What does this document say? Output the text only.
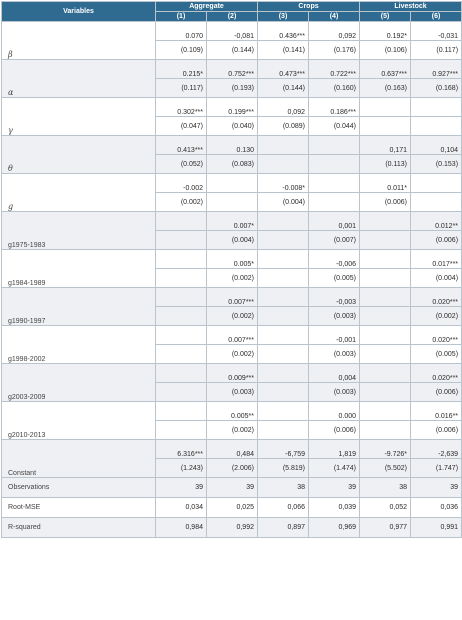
Variables	Aggregate		Crops		Livestock	
	(1)	(2)	(3)	(4)	(5)	(6)
β	0.070	-0,081	0.436***	0,092	0.192*	-0,031
	(0.109)	(0.144)	(0.141)	(0.176)	(0.106)	(0.117)
α	0.215*	0.752***	0.473***	0.722***	0.637***	0.927***
	(0.117)	(0.193)	(0.144)	(0.160)	(0.163)	(0.168)
γ	0.302***	0.199***	0,092	0.186***		
	(0.047)	(0.040)	(0.089)	(0.044)		
θ	0.413***	0.130			0,171	0,104
	(0.052)	(0.083)			(0.113)	(0.153)
g	-0.002		-0.008*		0.011*	
	(0.002)		(0.004)		(0.006)	
g1975-1983		0.007*		0,001		0.012**
		(0.004)		(0.007)		(0.006)
g1984-1989		0.005*		-0,006		0.017***
		(0.002)		(0.005)		(0.004)
g1990-1997		0.007***		-0,003		0.020***
		(0.002)		(0.003)		(0.002)
g1998-2002		0.007***		-0,001		0.020***
		(0.002)		(0.003)		(0.005)
g2003-2009		0.009***		0,004		0.020***
		(0.003)		(0.003)		(0.006)
g2010-2013		0.005**		0.000		0.016**
		(0.002)		(0.006)		(0.006)
Constant	6.316***	0,484	-6,759	1,819	-9.726*	-2,639
	(1.243)	(2.006)	(5.819)	(1.474)	(5.502)	(1.747)
Observations	39	39	38	39	38	39
Root-MSE	0,034	0,025	0,066	0,039	0,052	0,036
R-squared	0,984	0,992	0,897	0,969	0,977	0,991
